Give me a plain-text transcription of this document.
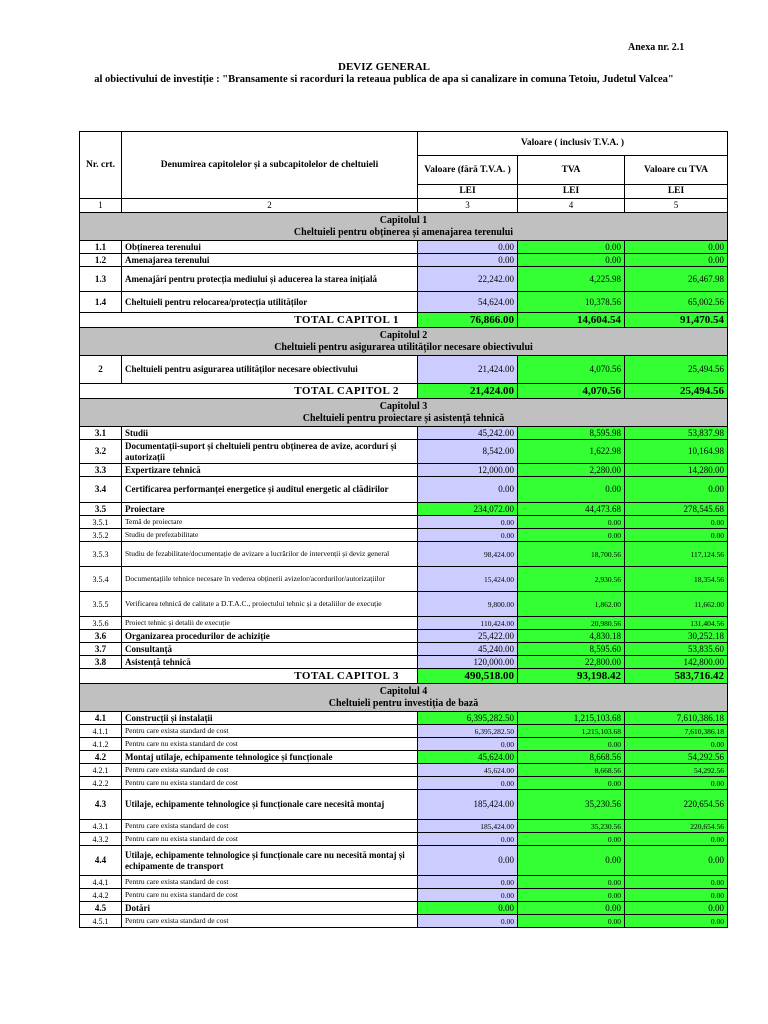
Anexa nr. 2.1
DEVIZ GENERAL
al obiectivului de investiție : "Bransamente si racorduri la reteaua publica de apa si canalizare in comuna Tetoiu, Judetul Valcea"
Nr. crt.	Denumirea capitolelor și a subcapitolelor de cheltuieli	Valoare ( inclusiv T.V.A. )		
		Valoare (fără T.V.A. )	TVA	Valoare cu TVA
		LEI	LEI	LEI
1	2	3	4	5

Capitolul 1
Cheltuieli pentru obținerea și amenajarea terenului				

1.1	Obținerea terenului	0.00	0.00	0.00
1.2	Amenajarea terenului	0.00	0.00	0.00
1.3	Amenajări pentru protecția mediului și aducerea la starea inițială	22,242.00	4,225.98	26,467.98
1.4	Cheltuieli pentru relocarea/protecția utilităților	54,624.00	10,378.56	65,002.56
TOTAL CAPITOL 1		76,866.00	14,604.54	91,470.54

Capitolul 2
Cheltuieli pentru asigurarea utilităților necesare obiectivului				

2	Cheltuieli pentru asigurarea utilităților necesare obiectivului	21,424.00	4,070.56	25,494.56
TOTAL CAPITOL 2		21,424.00	4,070.56	25,494.56

Capitolul 3
Cheltuieli pentru proiectare și asistență tehnică				

3.1	Studii	45,242.00	8,595.98	53,837.98
3.2	Documentații-suport și cheltuieli pentru obținerea de avize, acorduri și autorizații	8,542.00	1,622.98	10,164.98
3.3	Expertizare tehnică	12,000.00	2,280.00	14,280.00
3.4	Certificarea performanței energetice și auditul energetic al clădirilor	0.00	0.00	0.00
3.5	Proiectare	234,072.00	44,473.68	278,545.68
3.5.1	Temă de proiectare	0.00	0.00	0.00
3.5.2	Studiu de prefezabilitate	0.00	0.00	0.00
3.5.3	Studiu de fezabilitate/documentație de avizare a lucrărilor de intervenții și deviz general	98,424.00	18,700.56	117,124.56
3.5.4	Documentațiile tehnice necesare în vederea obținerii avizelor/acordurilor/autorizațiilor	15,424.00	2,930.56	18,354.56
3.5.5	Verificarea tehnică de calitate a D.T.A.C., proiectului tehnic și a detaliilor de execuție	9,800.00	1,862.00	11,662.00
3.5.6	Proiect tehnic și detalii de execuție	110,424.00	20,980.56	131,404.56
3.6	Organizarea procedurilor de achiziție	25,422.00	4,830.18	30,252.18
3.7	Consultanță	45,240.00	8,595.60	53,835.60
3.8	Asistență tehnică	120,000.00	22,800.00	142,800.00
TOTAL CAPITOL 3		490,518.00	93,198.42	583,716.42

Capitolul 4
Cheltuieli pentru investiția de bază				

4.1	Construcții și instalații	6,395,282.50	1,215,103.68	7,610,386.18
4.1.1	Pentru care exista standard de cost	6,395,282.50	1,215,103.68	7,610,386.18
4.1.2	Pentru care nu exista standard de cost	0.00	0.00	0.00
4.2	Montaj utilaje, echipamente tehnologice și funcționale	45,624.00	8,668.56	54,292.56
4.2.1	Pentru care exista standard de cost	45,624.00	8,668.56	54,292.56
4.2.2	Pentru care nu exista standard de cost	0.00	0.00	0.00
4.3	Utilaje, echipamente tehnologice și funcționale care necesită montaj	185,424.00	35,230.56	220,654.56
4.3.1	Pentru care exista standard de cost	185,424.00	35,230.56	220,654.56
4.3.2	Pentru care nu exista standard de cost	0.00	0.00	0.00
4.4	Utilaje, echipamente tehnologice și funcționale care nu necesită montaj și echipamente de transport	0.00	0.00	0.00
4.4.1	Pentru care exista standard de cost	0.00	0.00	0.00
4.4.2	Pentru care nu exista standard de cost	0.00	0.00	0.00
4.5	Dotări	0.00	0.00	0.00
4.5.1	Pentru care exista standard de cost	0.00	0.00	0.00
